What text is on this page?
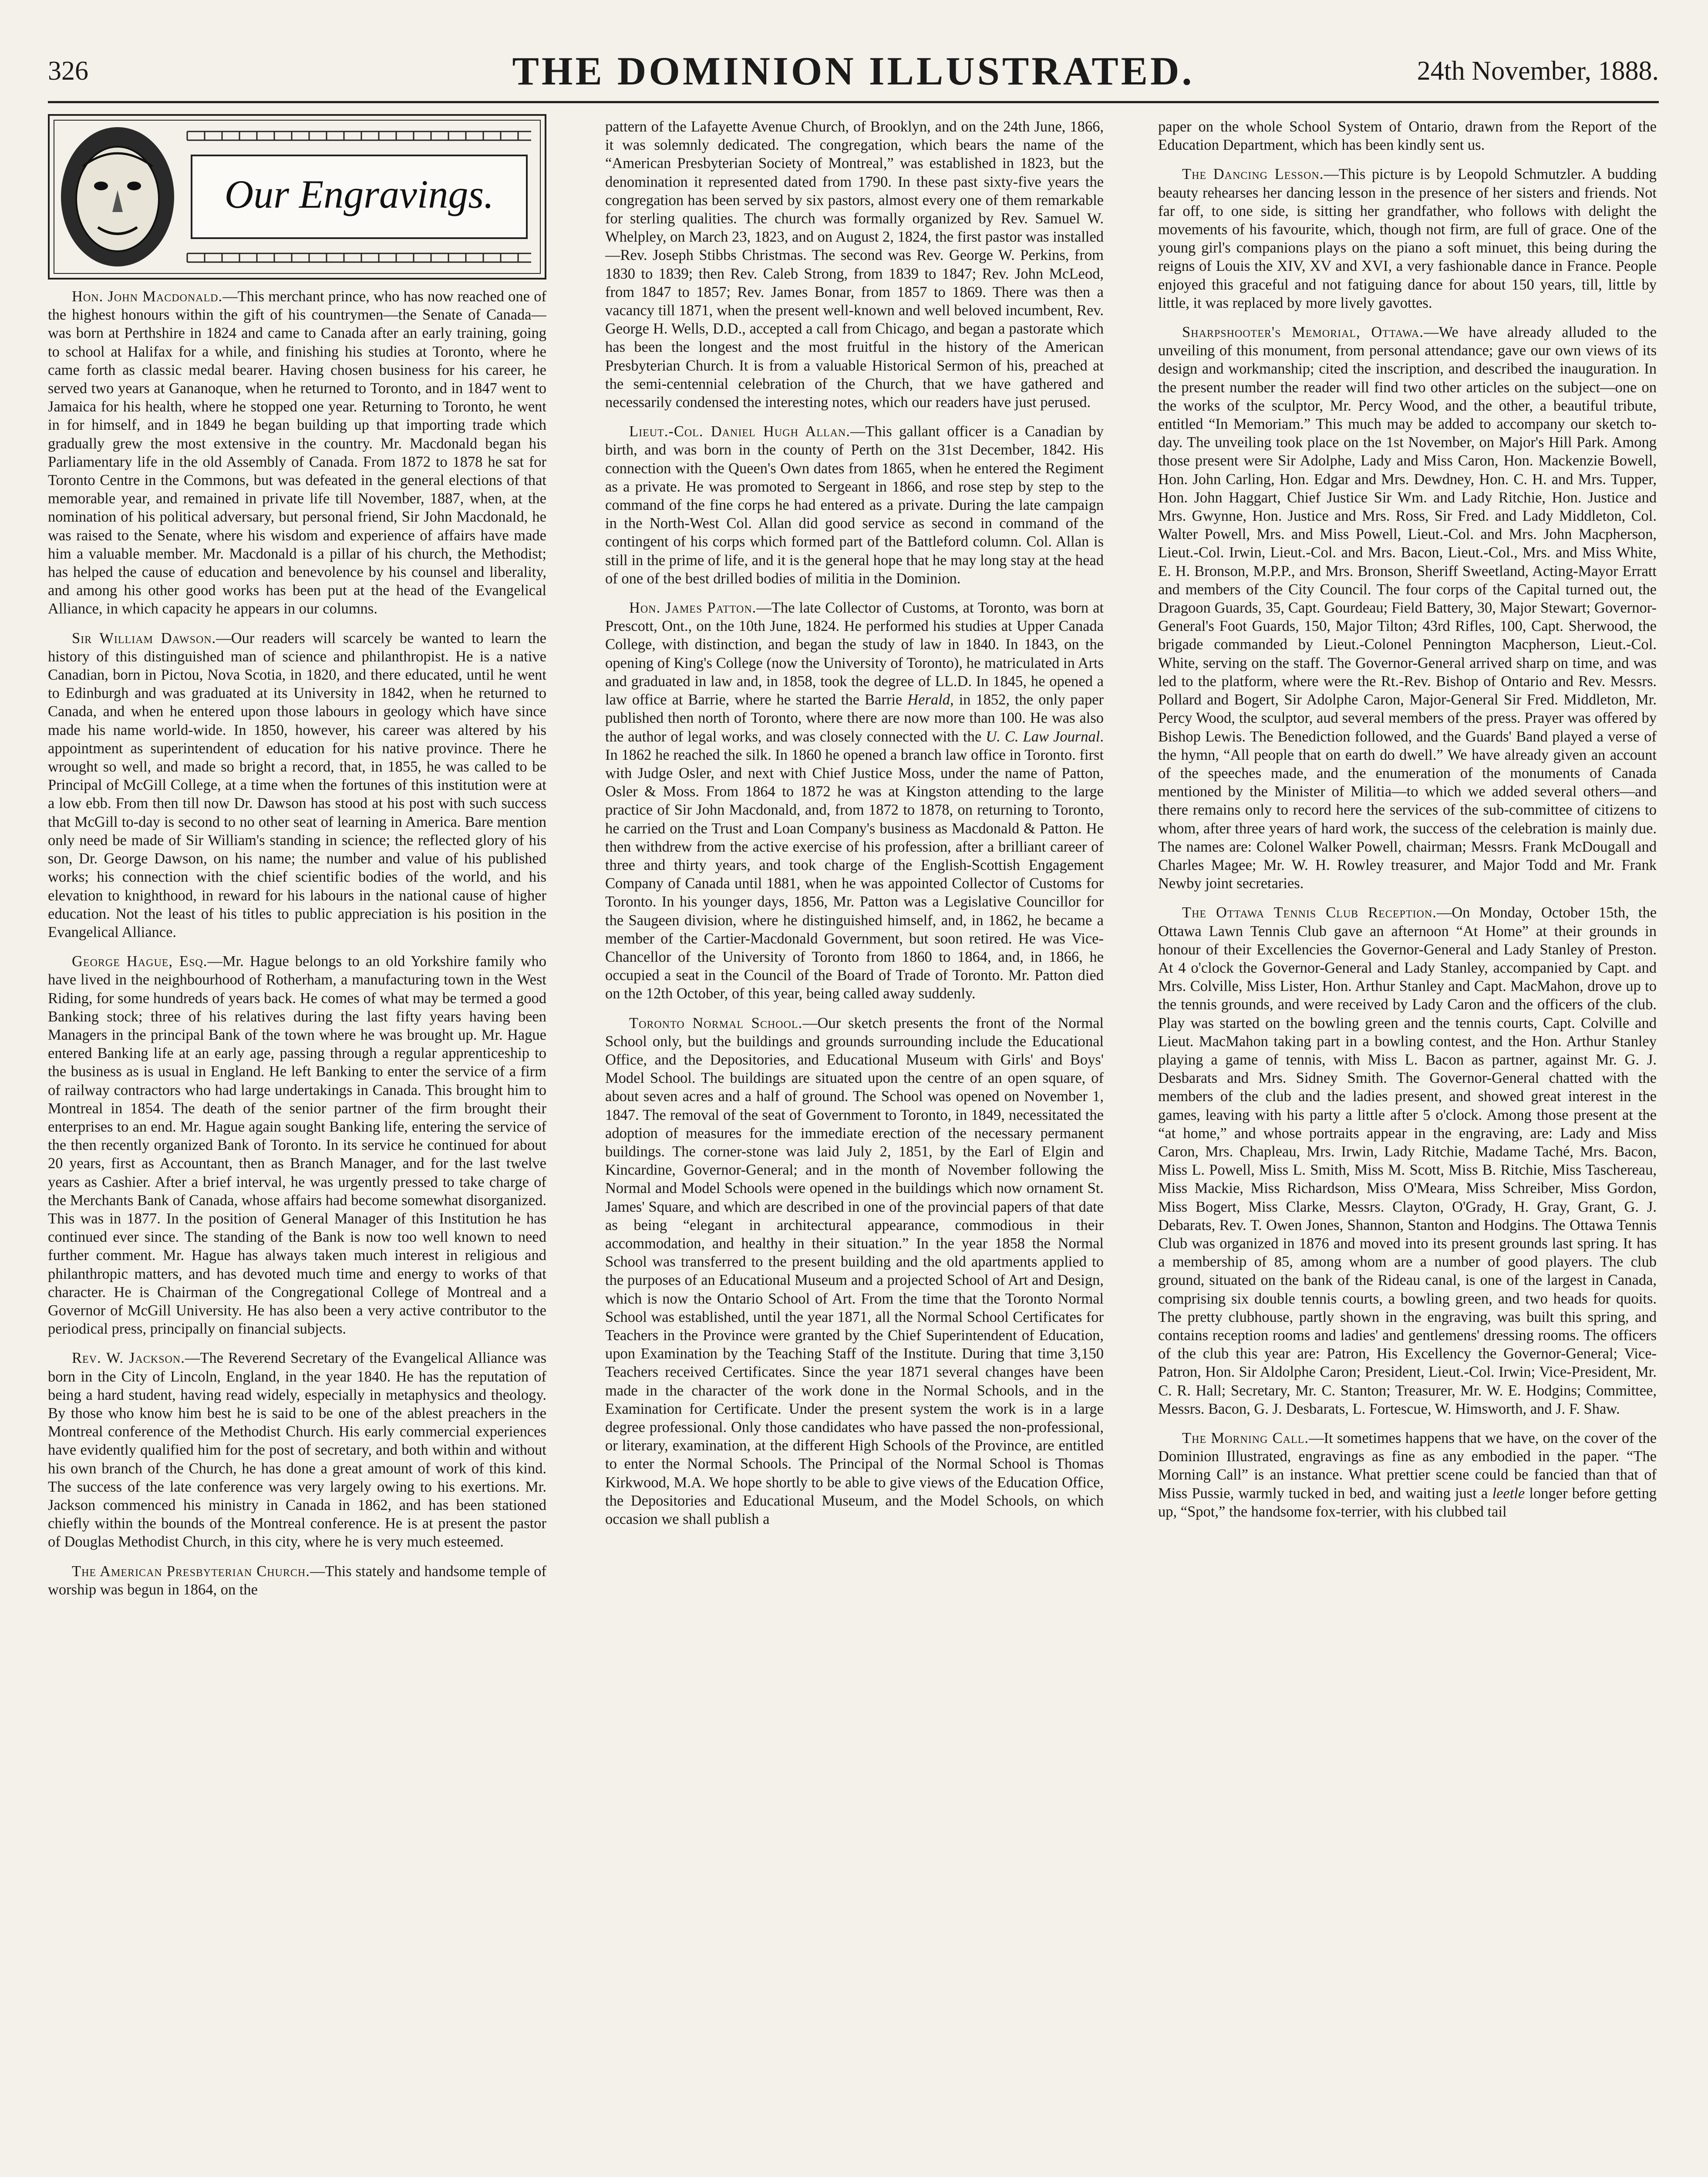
326	THE DOMINION ILLUSTRATED.	24th November, 1888.
Our Engravings.

Hon. John Macdonald.—This merchant prince, who has now reached one of the highest honours within the gift of his countrymen—the Senate of Canada—was born at Perthshire in 1824 and came to Canada after an early training, going to school at Halifax for a while, and finishing his studies at Toronto, where he came forth as classic medal bearer. Having chosen business for his career, he served two years at Gananoque, when he returned to Toronto, and in 1847 went to Jamaica for his health, where he stopped one year. Returning to Toronto, he went in for himself, and in 1849 he began building up that importing trade which gradually grew the most extensive in the country. Mr. Macdonald began his Parliamentary life in the old Assembly of Canada. From 1872 to 1878 he sat for Toronto Centre in the Commons, but was defeated in the general elections of that memorable year, and remained in private life till November, 1887, when, at the nomination of his political adversary, but personal friend, Sir John Macdonald, he was raised to the Senate, where his wisdom and experience of affairs have made him a valuable member. Mr. Macdonald is a pillar of his church, the Methodist; has helped the cause of education and benevolence by his counsel and liberality, and among his other good works has been put at the head of the Evangelical Alliance, in which capacity he appears in our columns.

Sir William Dawson.—Our readers will scarcely be wanted to learn the history of this distinguished man of science and philanthropist. He is a native Canadian, born in Pictou, Nova Scotia, in 1820, and there educated, until he went to Edinburgh and was graduated at its University in 1842, when he returned to Canada, and when he entered upon those labours in geology which have since made his name world-wide. In 1850, however, his career was altered by his appointment as superintendent of education for his native province. There he wrought so well, and made so bright a record, that, in 1855, he was called to be Principal of McGill College, at a time when the fortunes of this institution were at a low ebb. From then till now Dr. Dawson has stood at his post with such success that McGill to-day is second to no other seat of learning in America. Bare mention only need be made of Sir William's standing in science; the reflected glory of his son, Dr. George Dawson, on his name; the number and value of his published works; his connection with the chief scientific bodies of the world, and his elevation to knighthood, in reward for his labours in the national cause of higher education. Not the least of his titles to public appreciation is his position in the Evangelical Alliance.

George Hague, Esq.—Mr. Hague belongs to an old Yorkshire family who have lived in the neighbourhood of Rotherham, a manufacturing town in the West Riding, for some hundreds of years back. He comes of what may be termed a good Banking stock; three of his relatives during the last fifty years having been Managers in the principal Bank of the town where he was brought up. Mr. Hague entered Banking life at an early age, passing through a regular apprenticeship to the business as is usual in England. He left Banking to enter the service of a firm of railway contractors who had large undertakings in Canada. This brought him to Montreal in 1854. The death of the senior partner of the firm brought their enterprises to an end. Mr. Hague again sought Banking life, entering the service of the then recently organized Bank of Toronto. In its service he continued for about 20 years, first as Accountant, then as Branch Manager, and for the last twelve years as Cashier. After a brief interval, he was urgently pressed to take charge of the Merchants Bank of Canada, whose affairs had become somewhat disorganized. This was in 1877. In the position of General Manager of this Institution he has continued ever since. The standing of the Bank is now too well known to need further comment. Mr. Hague has always taken much interest in religious and philanthropic matters, and has devoted much time and energy to works of that character. He is Chairman of the Congregational College of Montreal and a Governor of McGill University. He has also been a very active contributor to the periodical press, principally on financial subjects.

Rev. W. Jackson.—The Reverend Secretary of the Evangelical Alliance was born in the City of Lincoln, England, in the year 1840. He has the reputation of being a hard student, having read widely, especially in metaphysics and theology. By those who know him best he is said to be one of the ablest preachers in the Montreal conference of the Methodist Church. His early commercial experiences have evidently qualified him for the post of secretary, and both within and without his own branch of the Church, he has done a great amount of work of this kind. The success of the late conference was very largely owing to his exertions. Mr. Jackson commenced his ministry in Canada in 1862, and has been stationed chiefly within the bounds of the Montreal conference. He is at present the pastor of Douglas Methodist Church, in this city, where he is very much esteemed.

The American Presbyterian Church.—This stately and handsome temple of worship was begun in 1864, on the

pattern of the Lafayette Avenue Church, of Brooklyn, and on the 24th June, 1866, it was solemnly dedicated. The congregation, which bears the name of the “American Presbyterian Society of Montreal,” was established in 1823, but the denomination it represented dated from 1790. In these past sixty-five years the congregation has been served by six pastors, almost every one of them remarkable for sterling qualities. The church was formally organized by Rev. Samuel W. Whelpley, on March 23, 1823, and on August 2, 1824, the first pastor was installed—Rev. Joseph Stibbs Christmas. The second was Rev. George W. Perkins, from 1830 to 1839; then Rev. Caleb Strong, from 1839 to 1847; Rev. John McLeod, from 1847 to 1857; Rev. James Bonar, from 1857 to 1869. There was then a vacancy till 1871, when the present well-known and well beloved incumbent, Rev. George H. Wells, D.D., accepted a call from Chicago, and began a pastorate which has been the longest and the most fruitful in the history of the American Presbyterian Church. It is from a valuable Historical Sermon of his, preached at the semi-centennial celebration of the Church, that we have gathered and necessarily condensed the interesting notes, which our readers have just perused.

Lieut.-Col. Daniel Hugh Allan.—This gallant officer is a Canadian by birth, and was born in the county of Perth on the 31st December, 1842. His connection with the Queen's Own dates from 1865, when he entered the Regiment as a private. He was promoted to Sergeant in 1866, and rose step by step to the command of the fine corps he had entered as a private. During the late campaign in the North-West Col. Allan did good service as second in command of the contingent of his corps which formed part of the Battleford column. Col. Allan is still in the prime of life, and it is the general hope that he may long stay at the head of one of the best drilled bodies of militia in the Dominion.

Hon. James Patton.—The late Collector of Customs, at Toronto, was born at Prescott, Ont., on the 10th June, 1824. He performed his studies at Upper Canada College, with distinction, and began the study of law in 1840. In 1843, on the opening of King's College (now the University of Toronto), he matriculated in Arts and graduated in law and, in 1858, took the degree of LL.D. In 1845, he opened a law office at Barrie, where he started the Barrie Herald, in 1852, the only paper published then north of Toronto, where there are now more than 100. He was also the author of legal works, and was closely connected with the U. C. Law Journal. In 1862 he reached the silk. In 1860 he opened a branch law office in Toronto. first with Judge Osler, and next with Chief Justice Moss, under the name of Patton, Osler & Moss. From 1864 to 1872 he was at Kingston attending to the large practice of Sir John Macdonald, and, from 1872 to 1878, on returning to Toronto, he carried on the Trust and Loan Company's business as Macdonald & Patton. He then withdrew from the active exercise of his profession, after a brilliant career of three and thirty years, and took charge of the English-Scottish Engagement Company of Canada until 1881, when he was appointed Collector of Customs for Toronto. In his younger days, 1856, Mr. Patton was a Legislative Councillor for the Saugeen division, where he distinguished himself, and, in 1862, he became a member of the Cartier-Macdonald Government, but soon retired. He was Vice-Chancellor of the University of Toronto from 1860 to 1864, and, in 1866, he occupied a seat in the Council of the Board of Trade of Toronto. Mr. Patton died on the 12th October, of this year, being called away suddenly.

Toronto Normal School.—Our sketch presents the front of the Normal School only, but the buildings and grounds surrounding include the Educational Office, and the Depositories, and Educational Museum with Girls' and Boys' Model School. The buildings are situated upon the centre of an open square, of about seven acres and a half of ground. The School was opened on November 1, 1847. The removal of the seat of Government to Toronto, in 1849, necessitated the adoption of measures for the immediate erection of the necessary permanent buildings. The corner-stone was laid July 2, 1851, by the Earl of Elgin and Kincardine, Governor-General; and in the month of November following the Normal and Model Schools were opened in the buildings which now ornament St. James' Square, and which are described in one of the provincial papers of that date as being “elegant in architectural appearance, commodious in their accommodation, and healthy in their situation.” In the year 1858 the Normal School was transferred to the present building and the old apartments applied to the purposes of an Educational Museum and a projected School of Art and Design, which is now the Ontario School of Art. From the time that the Toronto Normal School was established, until the year 1871, all the Normal School Certificates for Teachers in the Province were granted by the Chief Superintendent of Education, upon Examination by the Teaching Staff of the Institute. During that time 3,150 Teachers received Certificates. Since the year 1871 several changes have been made in the character of the work done in the Normal Schools, and in the Examination for Certificate. Under the present system the work is in a large degree professional. Only those candidates who have passed the non-professional, or literary, examination, at the different High Schools of the Province, are entitled to enter the Normal Schools. The Principal of the Normal School is Thomas Kirkwood, M.A. We hope shortly to be able to give views of the Education Office, the Depositories and Educational Museum, and the Model Schools, on which occasion we shall publish a

paper on the whole School System of Ontario, drawn from the Report of the Education Department, which has been kindly sent us.

The Dancing Lesson.—This picture is by Leopold Schmutzler. A budding beauty rehearses her dancing lesson in the presence of her sisters and friends. Not far off, to one side, is sitting her grandfather, who follows with delight the movements of his favourite, which, though not firm, are full of grace. One of the young girl's companions plays on the piano a soft minuet, this being during the reigns of Louis the XIV, XV and XVI, a very fashionable dance in France. People enjoyed this graceful and not fatiguing dance for about 150 years, till, little by little, it was replaced by more lively gavottes.

Sharpshooter's Memorial, Ottawa.—We have already alluded to the unveiling of this monument, from personal attendance; gave our own views of its design and workmanship; cited the inscription, and described the inauguration. In the present number the reader will find two other articles on the subject—one on the works of the sculptor, Mr. Percy Wood, and the other, a beautiful tribute, entitled “In Memoriam.” This much may be added to accompany our sketch to-day. The unveiling took place on the 1st November, on Major's Hill Park. Among those present were Sir Adolphe, Lady and Miss Caron, Hon. Mackenzie Bowell, Hon. John Carling, Hon. Edgar and Mrs. Dewdney, Hon. C. H. and Mrs. Tupper, Hon. John Haggart, Chief Justice Sir Wm. and Lady Ritchie, Hon. Justice and Mrs. Gwynne, Hon. Justice and Mrs. Ross, Sir Fred. and Lady Middleton, Col. Walter Powell, Mrs. and Miss Powell, Lieut.-Col. and Mrs. John Macpherson, Lieut.-Col. Irwin, Lieut.-Col. and Mrs. Bacon, Lieut.-Col., Mrs. and Miss White, E. H. Bronson, M.P.P., and Mrs. Bronson, Sheriff Sweetland, Acting-Mayor Erratt and members of the City Council. The four corps of the Capital turned out, the Dragoon Guards, 35, Capt. Gourdeau; Field Battery, 30, Major Stewart; Governor-General's Foot Guards, 150, Major Tilton; 43rd Rifles, 100, Capt. Sherwood, the brigade commanded by Lieut.-Colonel Pennington Macpherson, Lieut.-Col. White, serving on the staff. The Governor-General arrived sharp on time, and was led to the platform, where were the Rt.-Rev. Bishop of Ontario and Rev. Messrs. Pollard and Bogert, Sir Adolphe Caron, Major-General Sir Fred. Middleton, Mr. Percy Wood, the sculptor, aud several members of the press. Prayer was offered by Bishop Lewis. The Benediction followed, and the Guards' Band played a verse of the hymn, “All people that on earth do dwell.” We have already given an account of the speeches made, and the enumeration of the monuments of Canada mentioned by the Minister of Militia—to which we added several others—and there remains only to record here the services of the sub-committee of citizens to whom, after three years of hard work, the success of the celebration is mainly due. The names are: Colonel Walker Powell, chairman; Messrs. Frank McDougall and Charles Magee; Mr. W. H. Rowley treasurer, and Major Todd and Mr. Frank Newby joint secretaries.

The Ottawa Tennis Club Reception.—On Monday, October 15th, the Ottawa Lawn Tennis Club gave an afternoon “At Home” at their grounds in honour of their Excellencies the Governor-General and Lady Stanley of Preston. At 4 o'clock the Governor-General and Lady Stanley, accompanied by Capt. and Mrs. Colville, Miss Lister, Hon. Arthur Stanley and Capt. MacMahon, drove up to the tennis grounds, and were received by Lady Caron and the officers of the club. Play was started on the bowling green and the tennis courts, Capt. Colville and Lieut. MacMahon taking part in a bowling contest, and the Hon. Arthur Stanley playing a game of tennis, with Miss L. Bacon as partner, against Mr. G. J. Desbarats and Mrs. Sidney Smith. The Governor-General chatted with the members of the club and the ladies present, and showed great interest in the games, leaving with his party a little after 5 o'clock. Among those present at the “at home,” and whose portraits appear in the engraving, are: Lady and Miss Caron, Mrs. Chapleau, Mrs. Irwin, Lady Ritchie, Madame Taché, Mrs. Bacon, Miss L. Powell, Miss L. Smith, Miss M. Scott, Miss B. Ritchie, Miss Taschereau, Miss Mackie, Miss Richardson, Miss O'Meara, Miss Schreiber, Miss Gordon, Miss Bogert, Miss Clarke, Messrs. Clayton, O'Grady, H. Gray, Grant, G. J. Debarats, Rev. T. Owen Jones, Shannon, Stanton and Hodgins. The Ottawa Tennis Club was organized in 1876 and moved into its present grounds last spring. It has a membership of 85, among whom are a number of good players. The club ground, situated on the bank of the Rideau canal, is one of the largest in Canada, comprising six double tennis courts, a bowling green, and two heads for quoits. The pretty clubhouse, partly shown in the engraving, was built this spring, and contains reception rooms and ladies' and gentlemens' dressing rooms. The officers of the club this year are: Patron, His Excellency the Governor-General; Vice-Patron, Hon. Sir Aldolphe Caron; President, Lieut.-Col. Irwin; Vice-President, Mr. C. R. Hall; Secretary, Mr. C. Stanton; Treasurer, Mr. W. E. Hodgins; Committee, Messrs. Bacon, G. J. Desbarats, L. Fortescue, W. Himsworth, and J. F. Shaw.

The Morning Call.—It sometimes happens that we have, on the cover of the Dominion Illustrated, engravings as fine as any embodied in the paper. “The Morning Call” is an instance. What prettier scene could be fancied than that of Miss Pussie, warmly tucked in bed, and waiting just a leetle longer before getting up, “Spot,” the handsome fox-terrier, with his clubbed tail
